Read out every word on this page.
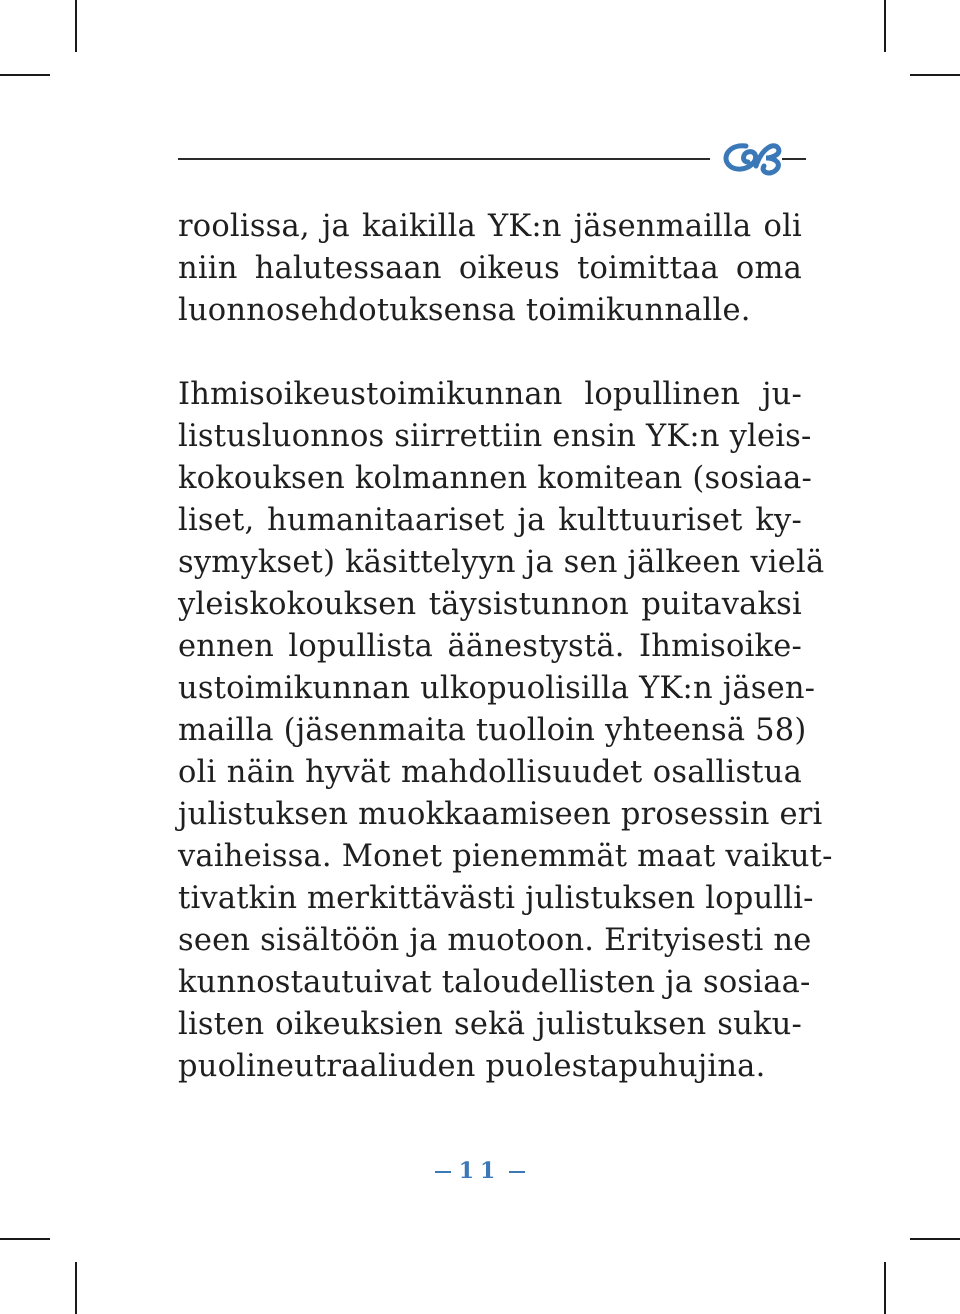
roolissa, ja kaikilla YK:n jäsenmailla oli
niin halutessaan oikeus toimittaa oma
luonnosehdotuksensa toimikunnalle.
Ihmisoikeustoimikunnan lopullinen ju-
listusluonnos siirrettiin ensin YK:n yleis-
kokouksen kolmannen komitean (sosiaa-
liset, humanitaariset ja kulttuuriset ky-
symykset) käsittelyyn ja sen jälkeen vielä
yleiskokouksen täysistunnon puitavaksi
ennen lopullista äänestystä. Ihmisoike-
ustoimikunnan ulkopuolisilla YK:n jäsen-
mailla (jäsenmaita tuolloin yhteensä 58)
oli näin hyvät mahdollisuudet osallistua
julistuksen muokkaamiseen prosessin eri
vaiheissa. Monet pienemmät maat vaikut-
tivatkin merkittävästi julistuksen lopulli-
seen sisältöön ja muotoon. Erityisesti ne
kunnostautuivat taloudellisten ja sosiaa-
listen oikeuksien sekä julistuksen suku-
puolineutraaliuden puolestapuhujina.
11
